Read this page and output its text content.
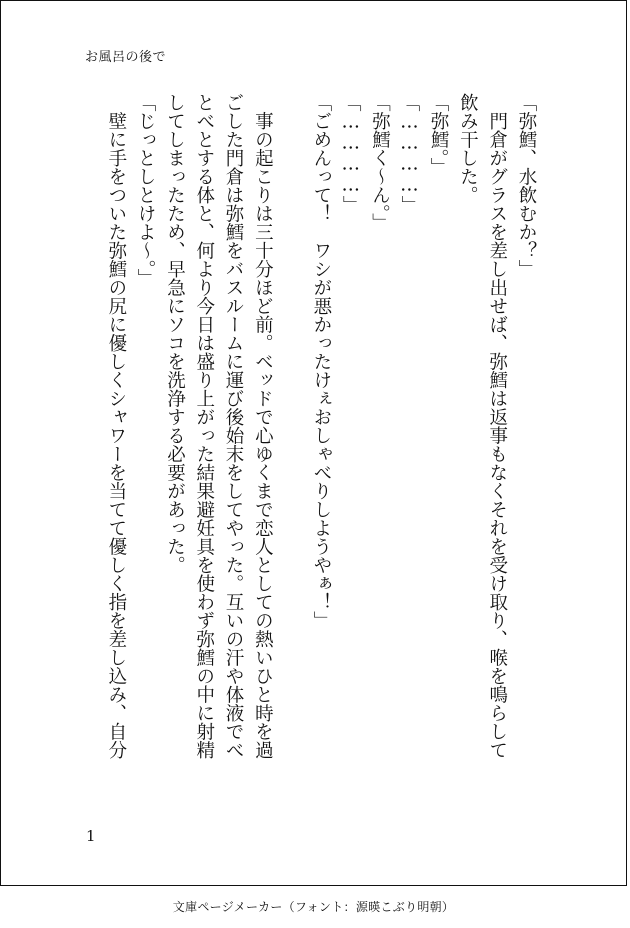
お風呂の後で

「弥鱈、水飲むか？」

　門倉がグラスを差し出せば、弥鱈は返事もなくそれを受け取り、喉を鳴らして

飲み干した。

「弥鱈。」

「…………」

「弥鱈く〜ん。」

「…………」

「ごめんって！　ワシが悪かったけぇおしゃべりしようやぁ！」

　事の起こりは三十分ほど前。ベッドで心ゆくまで恋人としての熱いひと時を過

ごした門倉は弥鱈をバスルームに運び後始末をしてやった。互いの汗や体液でべ

とべとする体と、何より今日は盛り上がった結果避妊具を使わず弥鱈の中に射精

してしまったため、早急にソコを洗浄する必要があった。

「じっとしとけよ〜。」

　壁に手をついた弥鱈の尻に優しくシャワーを当てて優しく指を差し込み、自分

1
文庫ページメーカー（フォント：源暎こぶり明朝）
